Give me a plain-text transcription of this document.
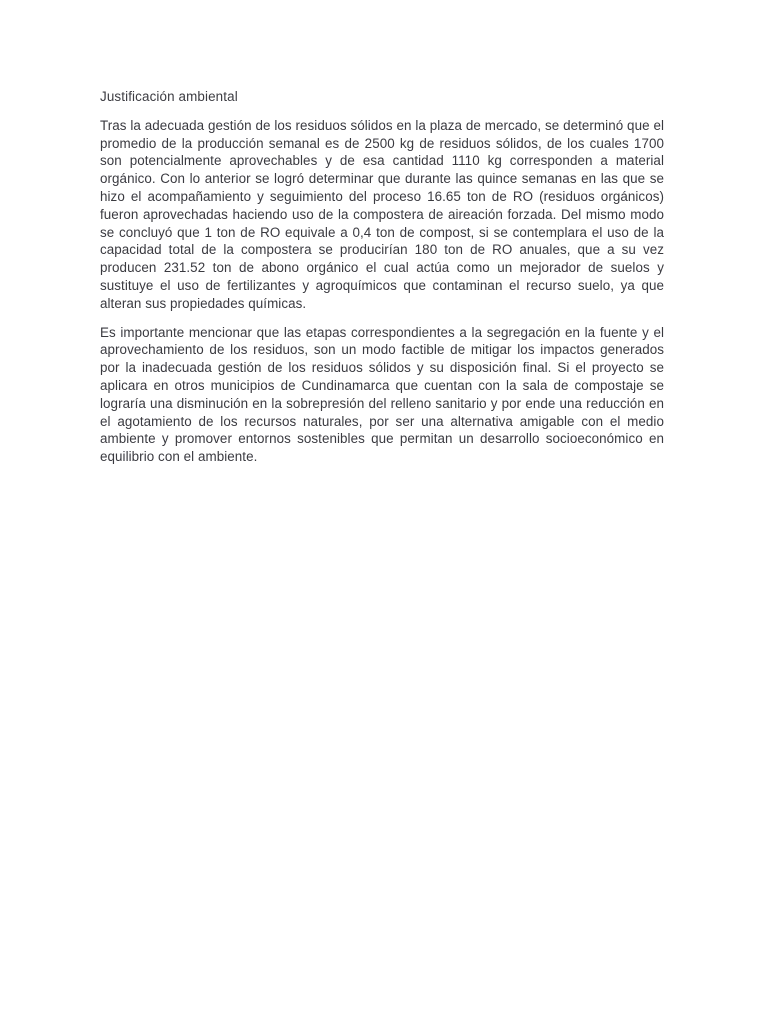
Justificación ambiental

Tras la adecuada gestión de los residuos sólidos en la plaza de mercado, se determinó que el promedio de la producción semanal es de 2500 kg de residuos sólidos, de los cuales 1700 son potencialmente aprovechables y de esa cantidad 1110 kg corresponden a material orgánico. Con lo anterior se logró determinar que durante las quince semanas en las que se hizo el acompañamiento y seguimiento del proceso 16.65 ton de RO (residuos orgánicos) fueron aprovechadas haciendo uso de la compostera de aireación forzada. Del mismo modo se concluyó que 1 ton de RO equivale a 0,4 ton de compost, si se contemplara el uso de la capacidad total de la compostera se producirían 180 ton de RO anuales, que a su vez producen 231.52 ton de abono orgánico el cual actúa como un mejorador de suelos y sustituye el uso de fertilizantes y agroquímicos que contaminan el recurso suelo, ya que alteran sus propiedades químicas.

Es importante mencionar que las etapas correspondientes a la segregación en la fuente y el aprovechamiento de los residuos, son un modo factible de mitigar los impactos generados por la inadecuada gestión de los residuos sólidos y su disposición final. Si el proyecto se aplicara en otros municipios de Cundinamarca que cuentan con la sala de compostaje se lograría una disminución en la sobrepresión del relleno sanitario y por ende una reducción en el agotamiento de los recursos naturales, por ser una alternativa amigable con el medio ambiente y promover entornos sostenibles que permitan un desarrollo socioeconómico en equilibrio con el ambiente.
